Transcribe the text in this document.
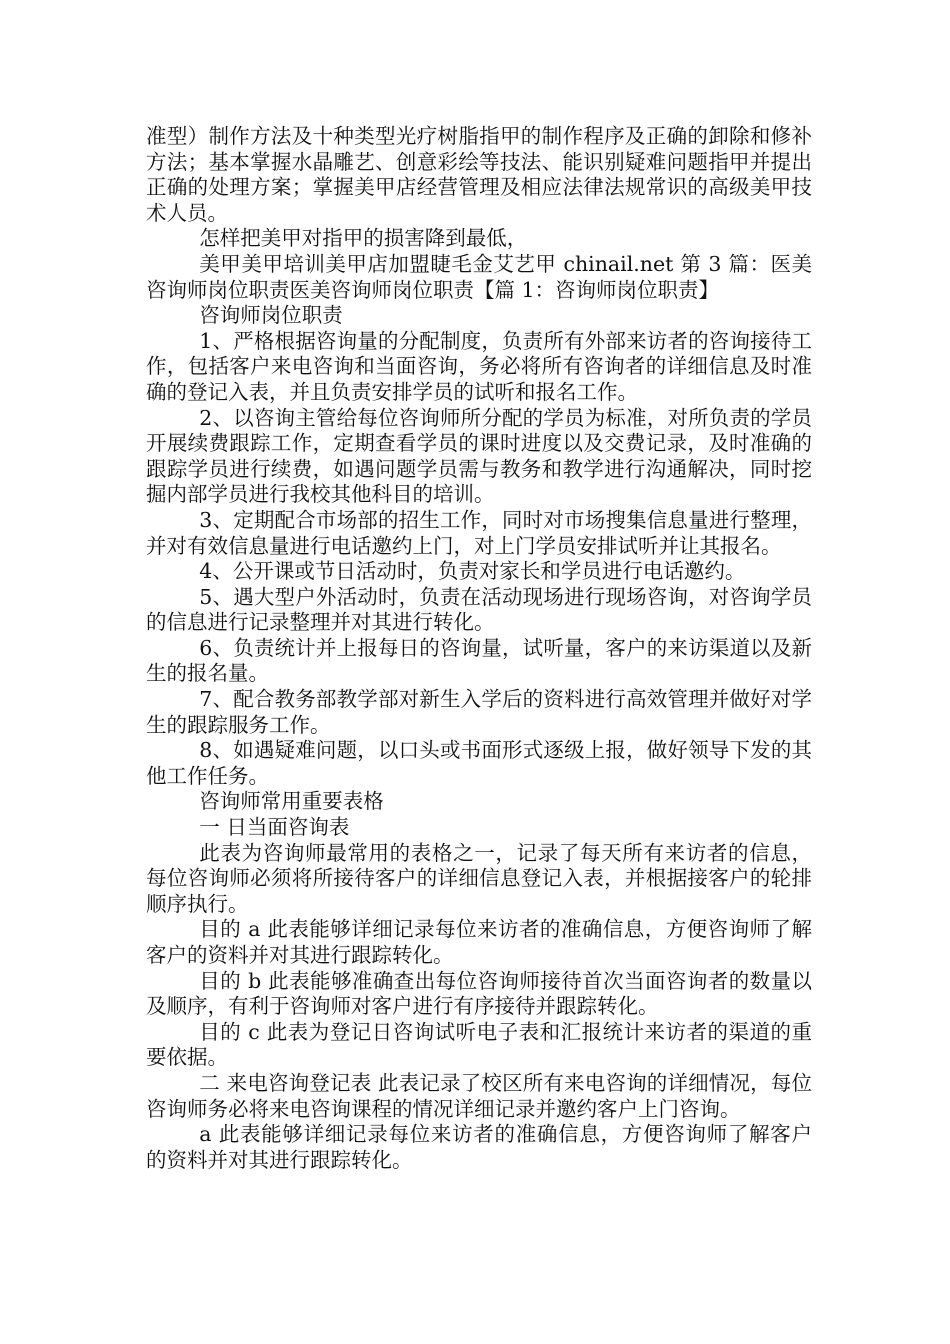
准型）制作方法及十种类型光疗树脂指甲的制作程序及正确的卸除和修补方法；基本掌握水晶雕艺、创意彩绘等技法、能识别疑难问题指甲并提出正确的处理方案；掌握美甲店经营管理及相应法律法规常识的高级美甲技术人员。

怎样把美甲对指甲的损害降到最低，

美甲美甲培训美甲店加盟睫毛金艾艺甲 chinail.net 第 3 篇：医美咨询师岗位职责医美咨询师岗位职责【篇 1：咨询师岗位职责】

咨询师岗位职责

1、严格根据咨询量的分配制度，负责所有外部来访者的咨询接待工作，包括客户来电咨询和当面咨询，务必将所有咨询者的详细信息及时准确的登记入表，并且负责安排学员的试听和报名工作。

2、以咨询主管给每位咨询师所分配的学员为标准，对所负责的学员开展续费跟踪工作，定期查看学员的课时进度以及交费记录，及时准确的跟踪学员进行续费，如遇问题学员需与教务和教学进行沟通解决，同时挖掘内部学员进行我校其他科目的培训。

3、定期配合市场部的招生工作，同时对市场搜集信息量进行整理，并对有效信息量进行电话邀约上门，对上门学员安排试听并让其报名。

4、公开课或节日活动时，负责对家长和学员进行电话邀约。

5、遇大型户外活动时，负责在活动现场进行现场咨询，对咨询学员的信息进行记录整理并对其进行转化。

6、负责统计并上报每日的咨询量，试听量，客户的来访渠道以及新生的报名量。

7、配合教务部教学部对新生入学后的资料进行高效管理并做好对学生的跟踪服务工作。

8、如遇疑难问题，以口头或书面形式逐级上报，做好领导下发的其他工作任务。

咨询师常用重要表格

一 日当面咨询表

此表为咨询师最常用的表格之一，记录了每天所有来访者的信息，每位咨询师必须将所接待客户的详细信息登记入表，并根据接客户的轮排顺序执行。

目的 a 此表能够详细记录每位来访者的准确信息，方便咨询师了解客户的资料并对其进行跟踪转化。

目的 b 此表能够准确查出每位咨询师接待首次当面咨询者的数量以及顺序，有利于咨询师对客户进行有序接待并跟踪转化。

目的 c 此表为登记日咨询试听电子表和汇报统计来访者的渠道的重要依据。

二 来电咨询登记表 此表记录了校区所有来电咨询的详细情况，每位咨询师务必将来电咨询课程的情况详细记录并邀约客户上门咨询。

a 此表能够详细记录每位来访者的准确信息，方便咨询师了解客户的资料并对其进行跟踪转化。
